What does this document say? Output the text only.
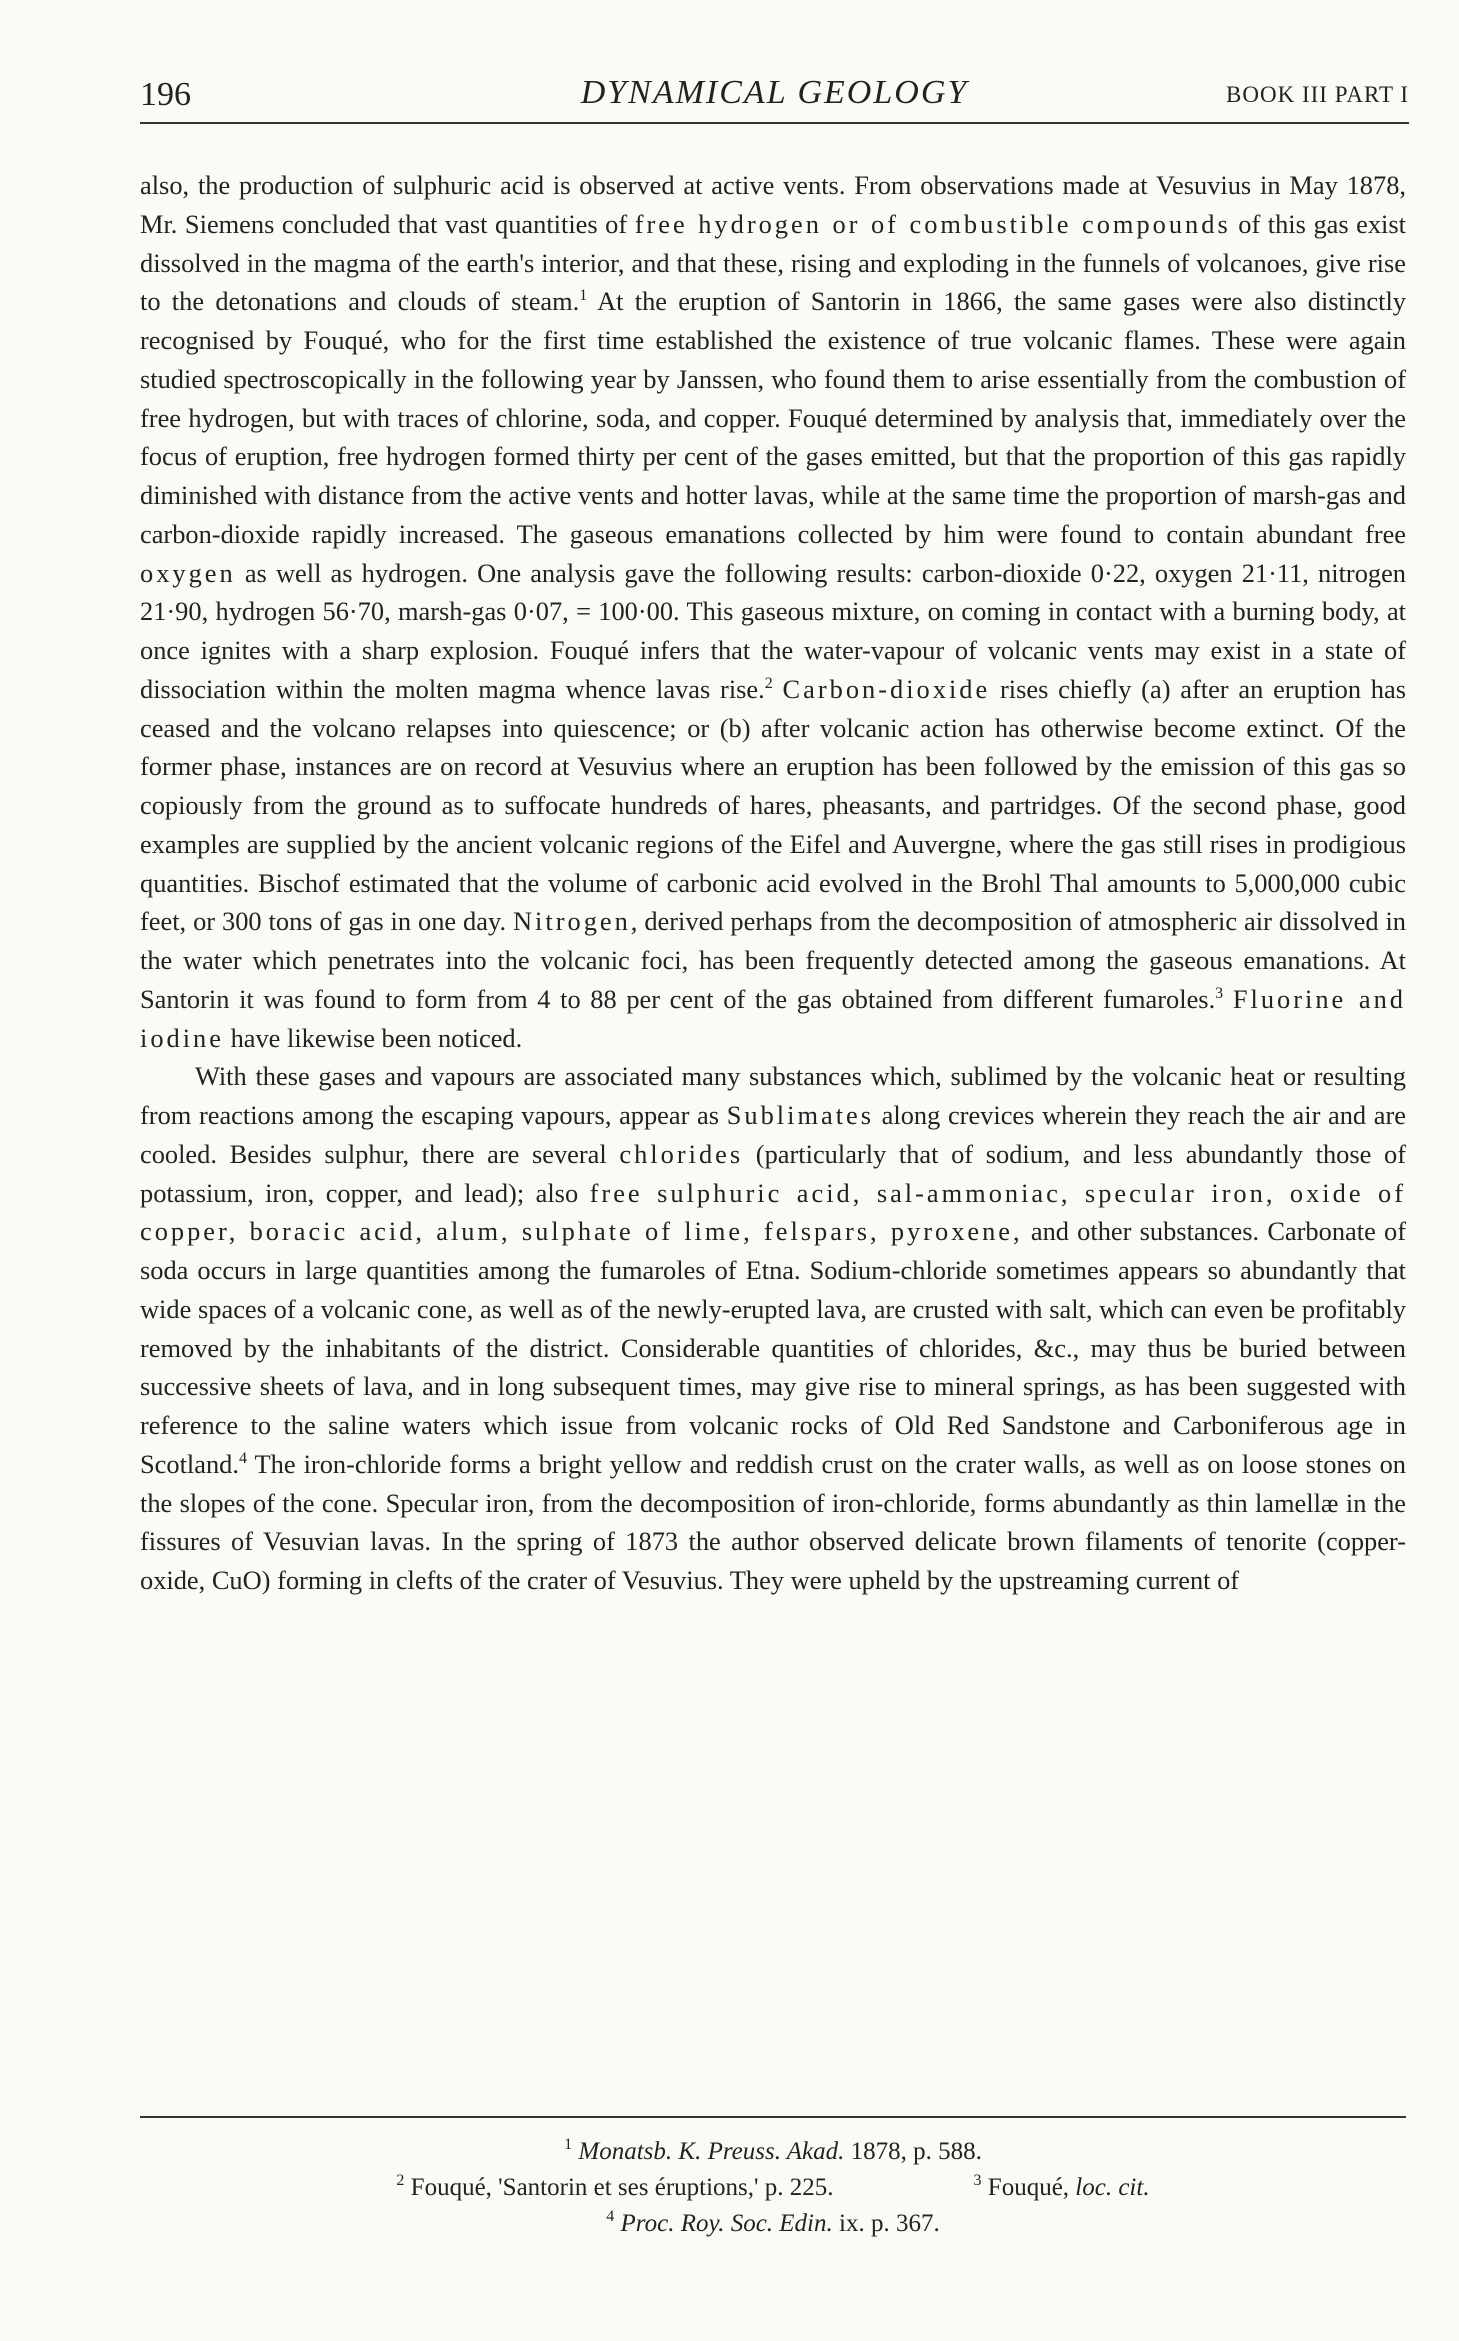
196	DYNAMICAL GEOLOGY	BOOK III PART I

also, the production of sulphuric acid is observed at active vents. From observations made at Vesuvius in May 1878, Mr. Siemens concluded that vast quantities of free hydrogen or of combustible compounds of this gas exist dissolved in the magma of the earth's interior, and that these, rising and exploding in the funnels of volcanoes, give rise to the detonations and clouds of steam.$^1$ At the eruption of Santorin in 1866, the same gases were also distinctly recognised by Fouqué, who for the first time established the existence of true volcanic flames. These were again studied spectroscopically in the following year by Janssen, who found them to arise essentially from the combustion of free hydrogen, but with traces of chlorine, soda, and copper. Fouqué determined by analysis that, immediately over the focus of eruption, free hydrogen formed thirty per cent of the gases emitted, but that the proportion of this gas rapidly diminished with distance from the active vents and hotter lavas, while at the same time the proportion of marsh-gas and carbon-dioxide rapidly increased. The gaseous emanations collected by him were found to contain abundant free oxygen as well as hydrogen. One analysis gave the following results: carbon-dioxide 0·22, oxygen 21·11, nitrogen 21·90, hydrogen 56·70, marsh-gas 0·07, = 100·00. This gaseous mixture, on coming in contact with a burning body, at once ignites with a sharp explosion. Fouqué infers that the water-vapour of volcanic vents may exist in a state of dissociation within the molten magma whence lavas rise.$^2$ Carbon-dioxide rises chiefly (a) after an eruption has ceased and the volcano relapses into quiescence; or (b) after volcanic action has otherwise become extinct. Of the former phase, instances are on record at Vesuvius where an eruption has been followed by the emission of this gas so copiously from the ground as to suffocate hundreds of hares, pheasants, and partridges. Of the second phase, good examples are supplied by the ancient volcanic regions of the Eifel and Auvergne, where the gas still rises in prodigious quantities. Bischof estimated that the volume of carbonic acid evolved in the Brohl Thal amounts to 5,000,000 cubic feet, or 300 tons of gas in one day. Nitrogen, derived perhaps from the decomposition of atmospheric air dissolved in the water which penetrates into the volcanic foci, has been frequently detected among the gaseous emanations. At Santorin it was found to form from 4 to 88 per cent of the gas obtained from different fumaroles.$^3$ Fluorine and iodine have likewise been noticed.

With these gases and vapours are associated many substances which, sublimed by the volcanic heat or resulting from reactions among the escaping vapours, appear as Sublimates along crevices wherein they reach the air and are cooled. Besides sulphur, there are several chlorides (particularly that of sodium, and less abundantly those of potassium, iron, copper, and lead); also free sulphuric acid, sal-ammoniac, specular iron, oxide of copper, boracic acid, alum, sulphate of lime, felspars, pyroxene, and other substances. Carbonate of soda occurs in large quantities among the fumaroles of Etna. Sodium-chloride sometimes appears so abundantly that wide spaces of a volcanic cone, as well as of the newly-erupted lava, are crusted with salt, which can even be profitably removed by the inhabitants of the district. Considerable quantities of chlorides, &c., may thus be buried between successive sheets of lava, and in long subsequent times, may give rise to mineral springs, as has been suggested with reference to the saline waters which issue from volcanic rocks of Old Red Sandstone and Carboniferous age in Scotland.$^4$ The iron-chloride forms a bright yellow and reddish crust on the crater walls, as well as on loose stones on the slopes of the cone. Specular iron, from the decomposition of iron-chloride, forms abundantly as thin lamellæ in the fissures of Vesuvian lavas. In the spring of 1873 the author observed delicate brown filaments of tenorite (copper-oxide, CuO) forming in clefts of the crater of Vesuvius. They were upheld by the upstreaming current of

$^1$ Monatsb. K. Preuss. Akad. 1878, p. 588.
$^2$ Fouqué, 'Santorin et ses éruptions,' p. 225.	$^3$ Fouqué, loc. cit.
$^4$ Proc. Roy. Soc. Edin. ix. p. 367.
